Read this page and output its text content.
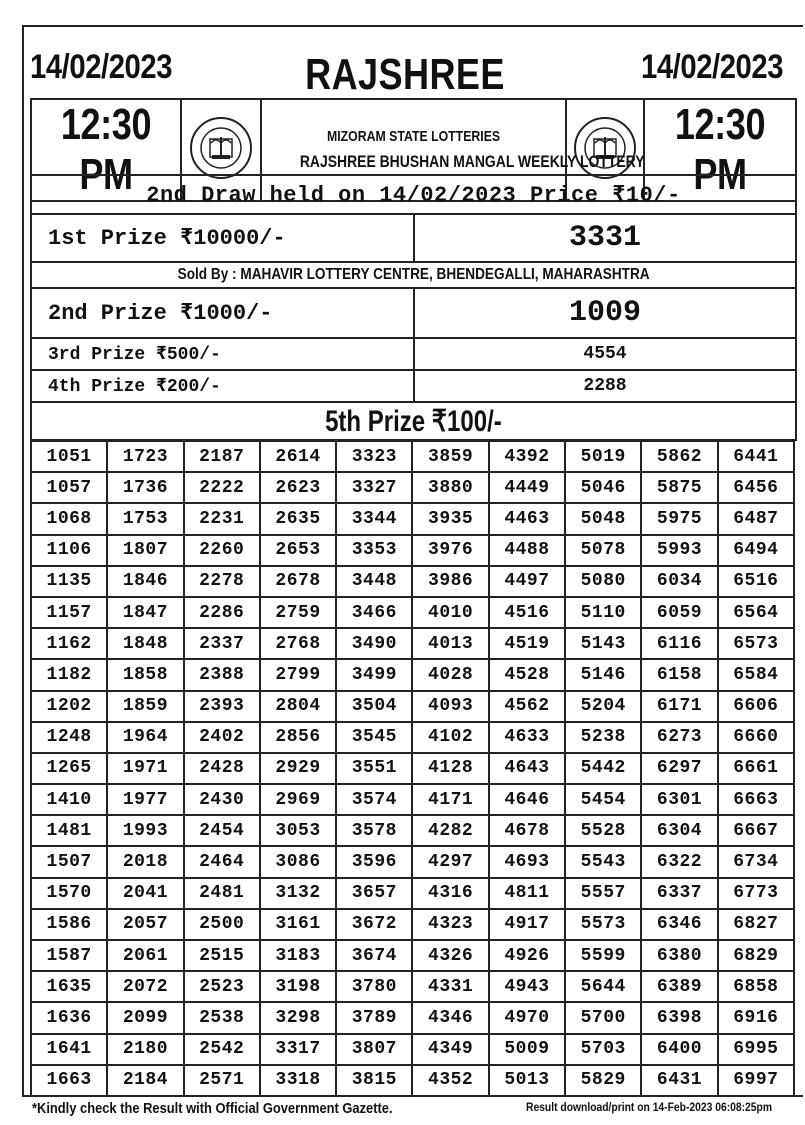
14/02/2023	RAJSHREE	14/02/2023
12:30 PM		MIZORAM STATE LOTTERIES
RAJSHREE BHUSHAN MANGAL WEEKLY LOTTERY		12:30 PM
2nd Draw held on 14/02/2023 Price ₹10/-	
1st Prize ₹10000/-	3331
Sold By : MAHAVIR LOTTERY CENTRE, BHENDEGALLI, MAHARASHTRA	
2nd Prize ₹1000/-	1009
3rd Prize ₹500/-	4554
4th Prize ₹200/-	2288
5th Prize ₹100/-	
1051	1723	2187	2614	3323	3859	4392	5019	5862	6441
1057	1736	2222	2623	3327	3880	4449	5046	5875	6456
1068	1753	2231	2635	3344	3935	4463	5048	5975	6487
1106	1807	2260	2653	3353	3976	4488	5078	5993	6494
1135	1846	2278	2678	3448	3986	4497	5080	6034	6516
1157	1847	2286	2759	3466	4010	4516	5110	6059	6564
1162	1848	2337	2768	3490	4013	4519	5143	6116	6573
1182	1858	2388	2799	3499	4028	4528	5146	6158	6584
1202	1859	2393	2804	3504	4093	4562	5204	6171	6606
1248	1964	2402	2856	3545	4102	4633	5238	6273	6660
1265	1971	2428	2929	3551	4128	4643	5442	6297	6661
1410	1977	2430	2969	3574	4171	4646	5454	6301	6663
1481	1993	2454	3053	3578	4282	4678	5528	6304	6667
1507	2018	2464	3086	3596	4297	4693	5543	6322	6734
1570	2041	2481	3132	3657	4316	4811	5557	6337	6773
1586	2057	2500	3161	3672	4323	4917	5573	6346	6827
1587	2061	2515	3183	3674	4326	4926	5599	6380	6829
1635	2072	2523	3198	3780	4331	4943	5644	6389	6858
1636	2099	2538	3298	3789	4346	4970	5700	6398	6916
1641	2180	2542	3317	3807	4349	5009	5703	6400	6995
1663	2184	2571	3318	3815	4352	5013	5829	6431	6997
*Kindly check the Result with Official Government Gazette.	Result download/print on 14-Feb-2023 06:08:25pm
